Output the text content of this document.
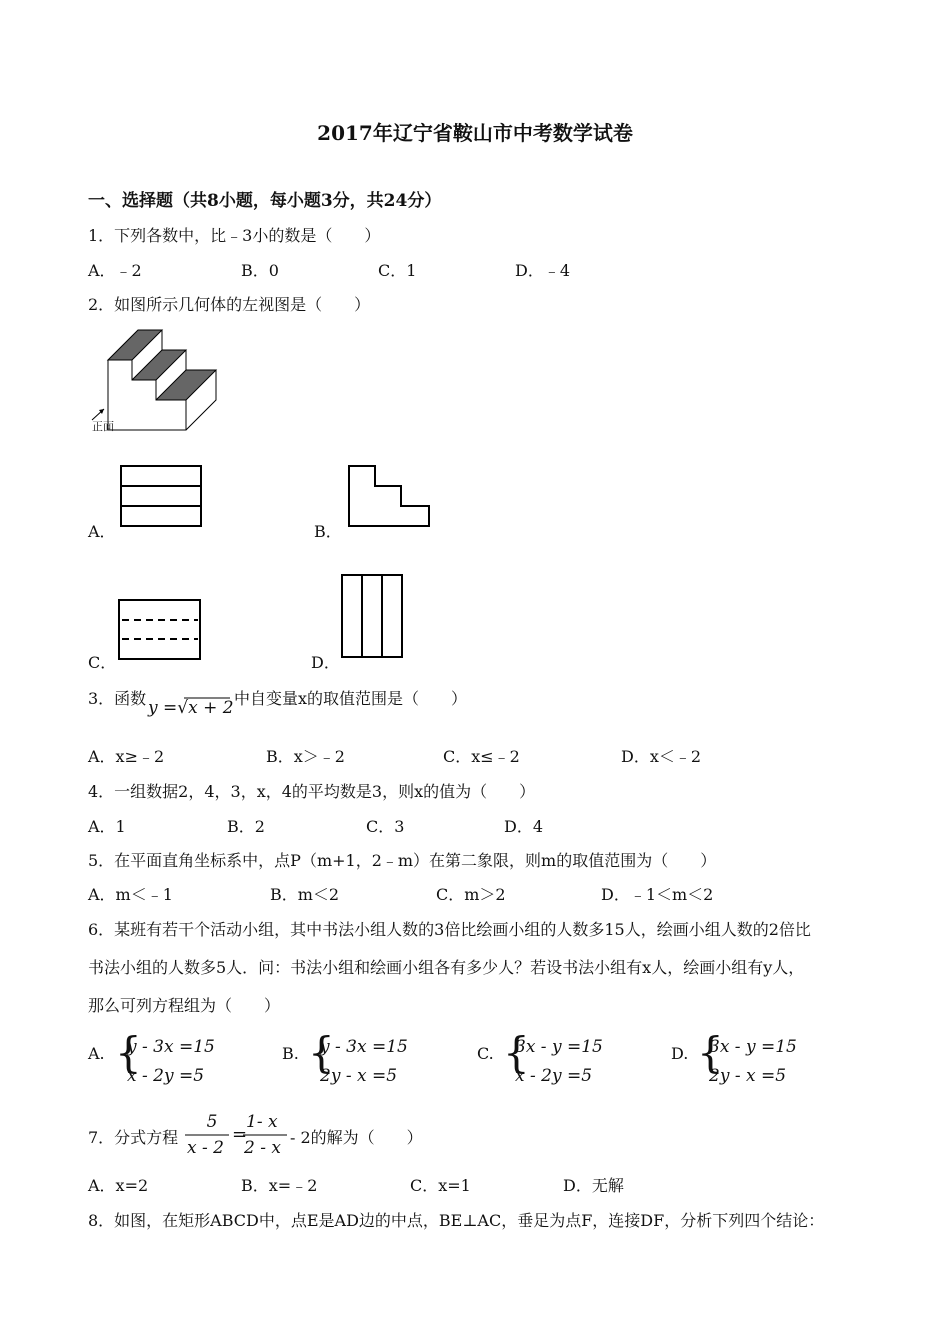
2017年辽宁省鞍山市中考数学试卷
一、选择题（共8小题，每小题3分，共24分）
1．下列各数中，比﹣3小的数是（　　）
A．﹣2	B．0	C．1	D．﹣4
2．如图所示几何体的左视图是（　　）
正面
A．	B．
C．	D．
3．函数 y =√x + 2 中自变量x的取值范围是（　　）
A．x≥﹣2	B．x＞﹣2	C．x≤﹣2	D．x＜﹣2
4．一组数据2，4，3，x，4的平均数是3，则x的值为（　　）
A．1	B．2	C．3	D．4
5．在平面直角坐标系中，点P（m+1，2﹣m）在第二象限，则m的取值范围为（　　）
A．m＜﹣1	B．m＜2	C．m＞2	D．﹣1＜m＜2
6．某班有若干个活动小组，其中书法小组人数的3倍比绘画小组的人数多15人，绘画小组人数的2倍比
书法小组的人数多5人．问：书法小组和绘画小组各有多少人？若设书法小组有x人，绘画小组有y人，
那么可列方程组为（　　）
A. {
y - 3x =15
x - 2y =5
B. {
y - 3x =15
2y - x =5
C. {
3x - y =15
x - 2y =5
D. {
3x - y =15
2y - x =5
7．分式方程
5
x - 2
=
1- x
2 - x
- 2的解为（　　）
A．x=2	B．x=﹣2	C．x=1	D．无解
8．如图，在矩形ABCD中，点E是AD边的中点，BE⊥AC，垂足为点F，连接DF，分析下列四个结论：
